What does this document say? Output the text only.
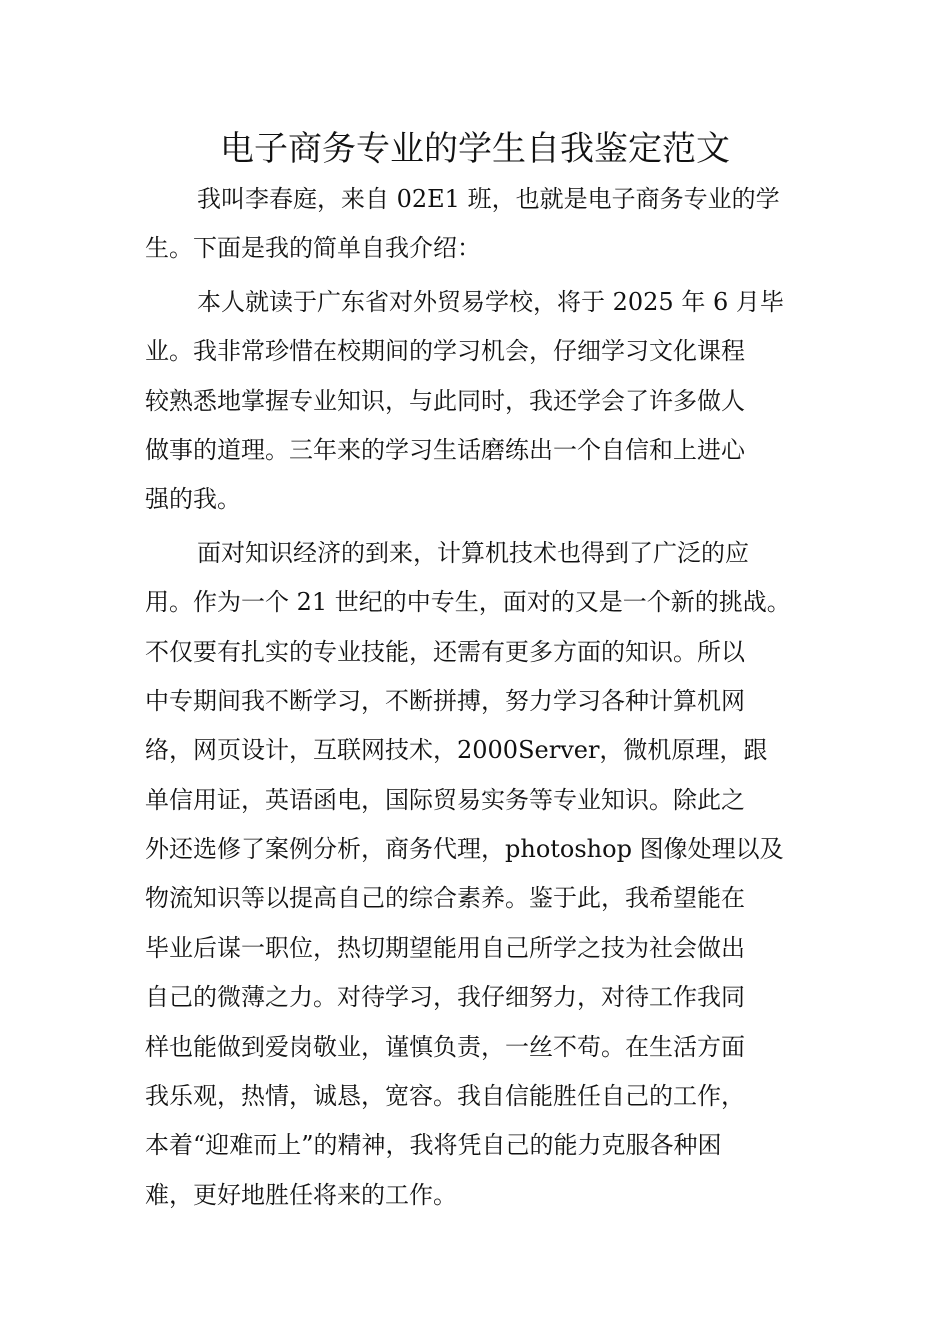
电子商务专业的学生自我鉴定范文
我叫李春庭，来自 02E1 班，也就是电子商务专业的学
生。下面是我的简单自我介绍：
本人就读于广东省对外贸易学校，将于 2025 年 6 月毕
业。我非常珍惜在校期间的学习机会，仔细学习文化课程
较熟悉地掌握专业知识，与此同时，我还学会了许多做人
做事的道理。三年来的学习生话磨练出一个自信和上进心
强的我。
面对知识经济的到来，计算机技术也得到了广泛的应
用。作为一个 21 世纪的中专生，面对的又是一个新的挑战。
不仅要有扎实的专业技能，还需有更多方面的知识。所以
中专期间我不断学习，不断拼搏，努力学习各种计算机网
络，网页设计，互联网技术，2000Server，微机原理，跟
单信用证，英语函电，国际贸易实务等专业知识。除此之
外还选修了案例分析，商务代理，photoshop 图像处理以及
物流知识等以提高自己的综合素养。鉴于此，我希望能在
毕业后谋一职位，热切期望能用自己所学之技为社会做出
自己的微薄之力。对待学习，我仔细努力，对待工作我同
样也能做到爱岗敬业，谨慎负责，一丝不苟。在生活方面
我乐观，热情，诚恳，宽容。我自信能胜任自己的工作，
本着“迎难而上”的精神，我将凭自己的能力克服各种困
难，更好地胜任将来的工作。
